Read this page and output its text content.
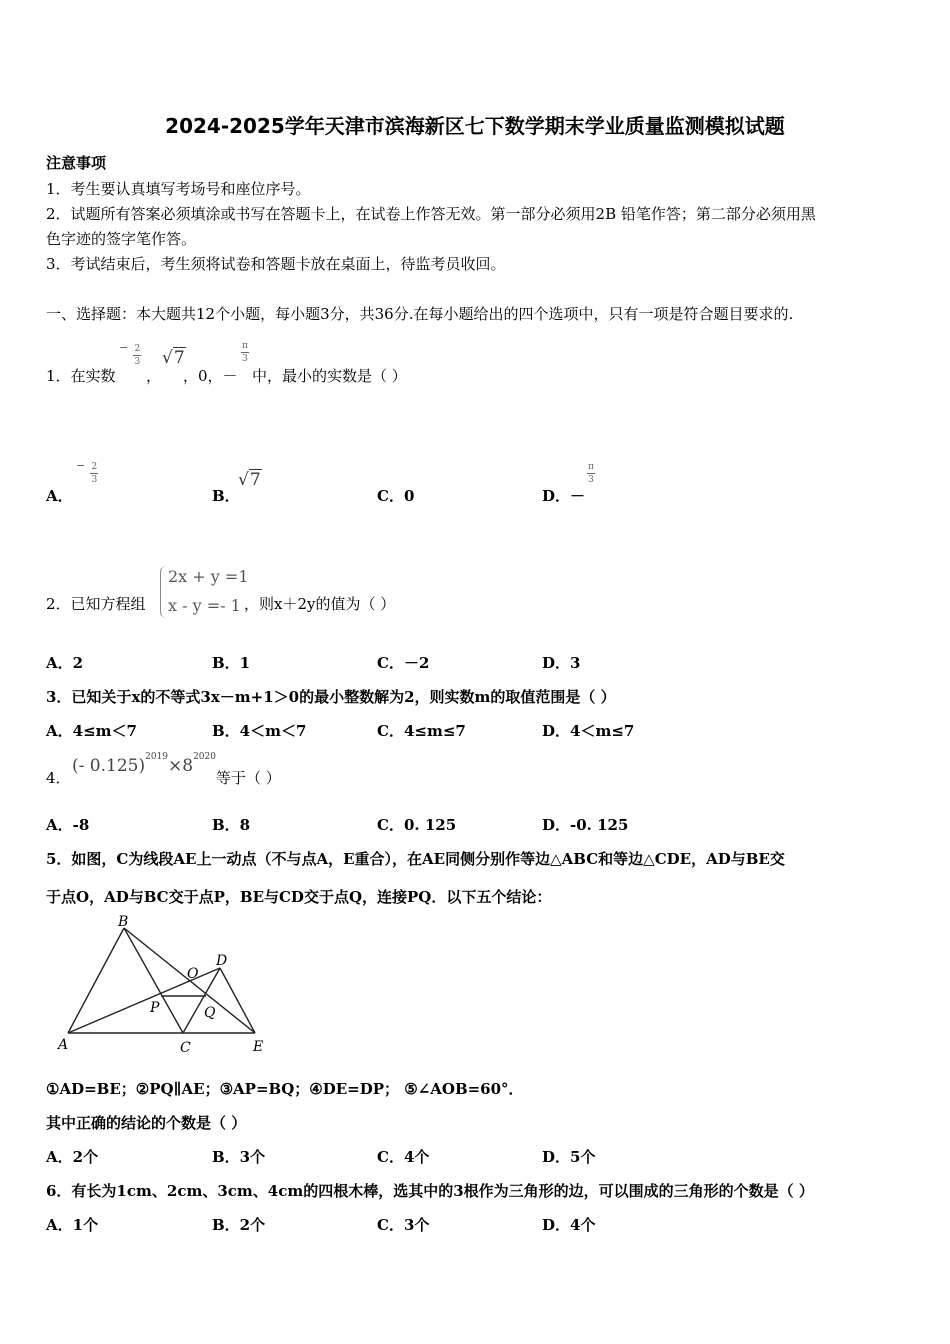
2024-2025学年天津市滨海新区七下数学期末学业质量监测模拟试题
注意事项
1．考生要认真填写考场号和座位序号。
2．试题所有答案必须填涂或书写在答题卡上，在试卷上作答无效。第一部分必须用2B 铅笔作答；第二部分必须用黑
色字迹的签字笔作答。
3．考试结束后，考生须将试卷和答题卡放在桌面上，待监考员收回。
一、选择题：本大题共12个小题，每小题3分，共36分.在每小题给出的四个选项中，只有一项是符合题目要求的.
1．在实数
− $\frac{2}{3}$
，
√7
，0，－
$\frac{\pi}{3}$
中，最小的实数是（ ）
A．
− $\frac{2}{3}$
B．
√7
C．0	D．－
$\frac{\pi}{3}$
2．已知方程组
2x + y =1
x - y =- 1 ，则x＋2y的值为（ ）
A．2	B．1	C．－2	D．3
3．已知关于x的不等式3x－m+1＞0的最小整数解为2，则实数m的取值范围是（ ）
A．4≤m＜7	B．4＜m＜7	C．4≤m≤7	D．4＜m≤7
4．
(- $0.125)^{2019}\times 8^{2020}$
等于（ ）
A．-8	B．8	C．0. 125	D．-0. 125
5．如图，C为线段AE上一动点（不与点A，E重合），在AE同侧分别作等边△ABC和等边△CDE，AD与BE交
于点O，AD与BC交于点P，BE与CD交于点Q，连接PQ．以下五个结论：
B
D
O
P	Q
A	C	E
①AD=BE；②PQ∥AE；③AP=BQ；④DE=DP； ⑤∠AOB=60°．
其中正确的结论的个数是（ ）
A．2个	B．3个	C．4个	D．5个
6．有长为1cm、2cm、3cm、4cm的四根木棒，选其中的3根作为三角形的边，可以围成的三角形的个数是（ ）
A．1个	B．2个	C．3个	D．4个
